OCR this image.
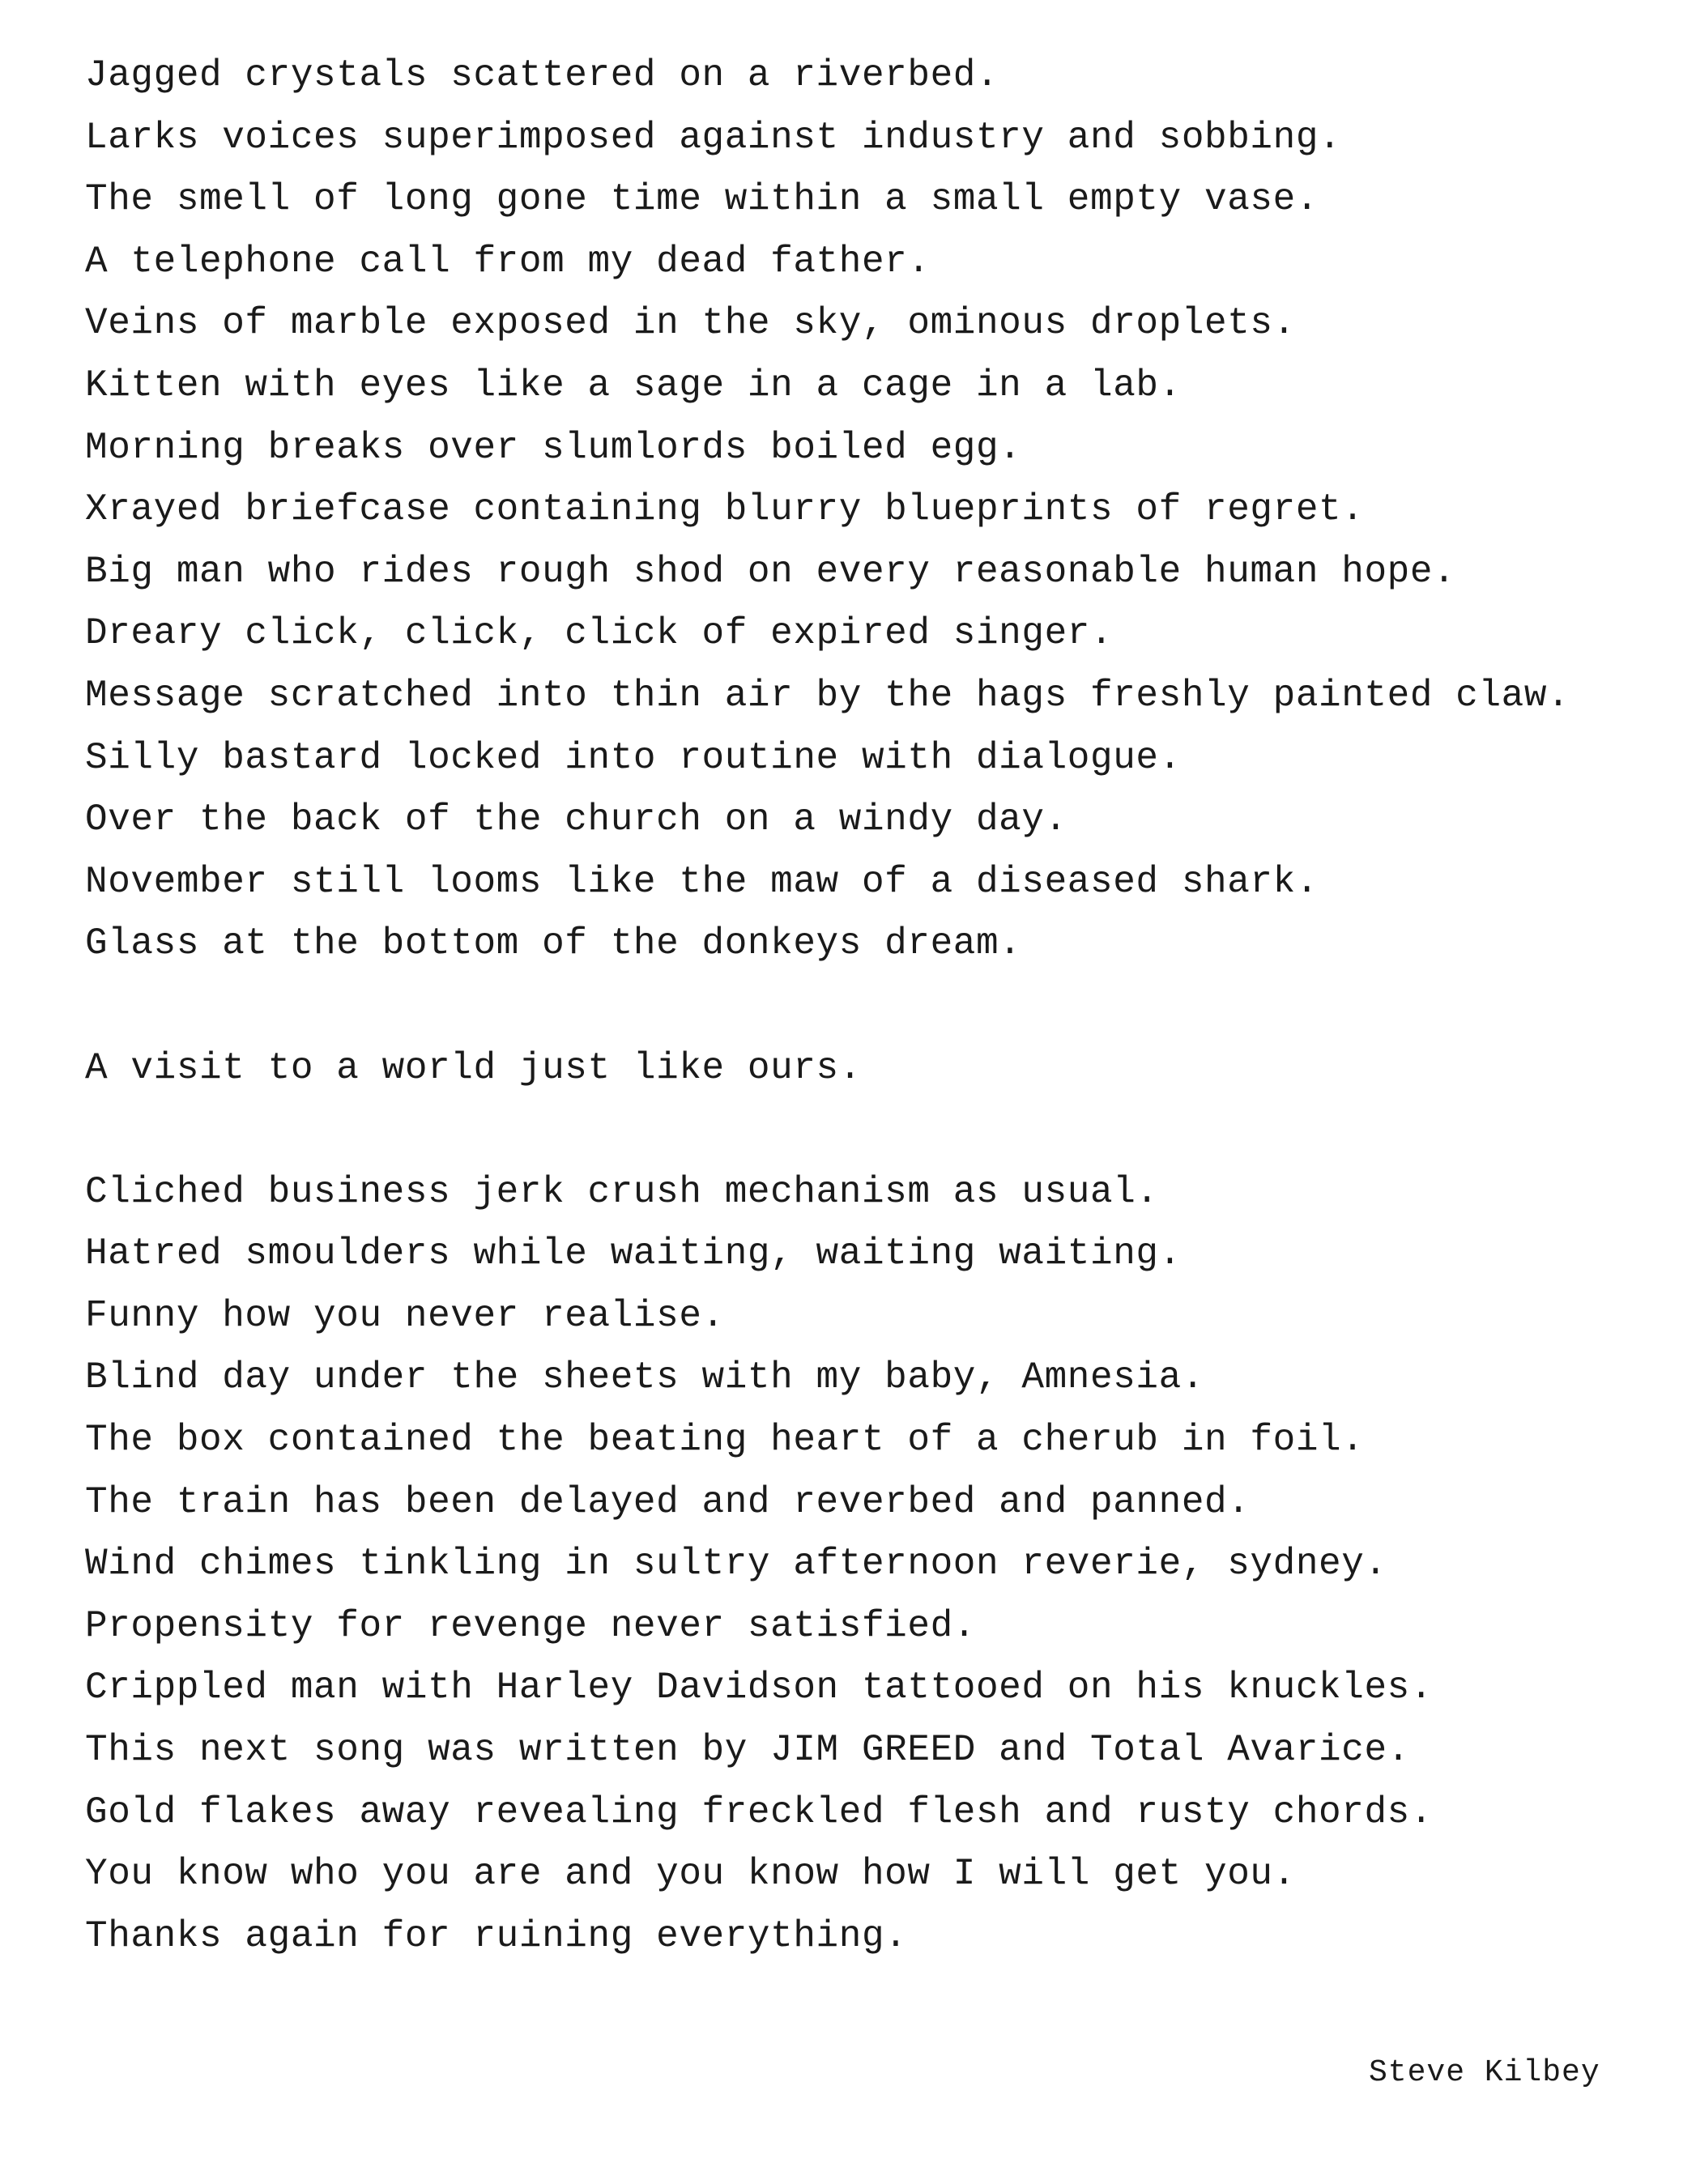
Jagged crystals scattered on a riverbed.
Larks voices superimposed against industry and sobbing.
The smell of long gone time within a small empty vase.
A telephone call from my dead father.
Veins of marble exposed in the sky, ominous droplets.
Kitten with eyes like a sage in a cage in a lab.
Morning breaks over slumlords boiled egg.
Xrayed briefcase containing blurry blueprints of regret.
Big man who rides rough shod on every reasonable human hope.
Dreary click, click, click of expired singer.
Message scratched into thin air by the hags freshly painted claw.
Silly bastard locked into routine with dialogue.
Over the back of the church on a windy day.
November still looms like the maw of a diseased shark.
Glass at the bottom of the donkeys dream.
A visit to a world just like ours.
Cliched business jerk crush mechanism as usual.
Hatred smoulders while waiting, waiting waiting.
Funny how you never realise.
Blind day under the sheets with my baby, Amnesia.
The box contained the beating heart of a cherub in foil.
The train has been delayed and reverbed and panned.
Wind chimes tinkling in sultry afternoon reverie, sydney.
Propensity for revenge never satisfied.
Crippled man with Harley Davidson tattooed on his knuckles.
This next song was written by JIM GREED and Total Avarice.
Gold flakes away revealing freckled flesh and rusty chords.
You know who you are and you know how I will get you.
Thanks again for ruining everything.
Steve Kilbey
